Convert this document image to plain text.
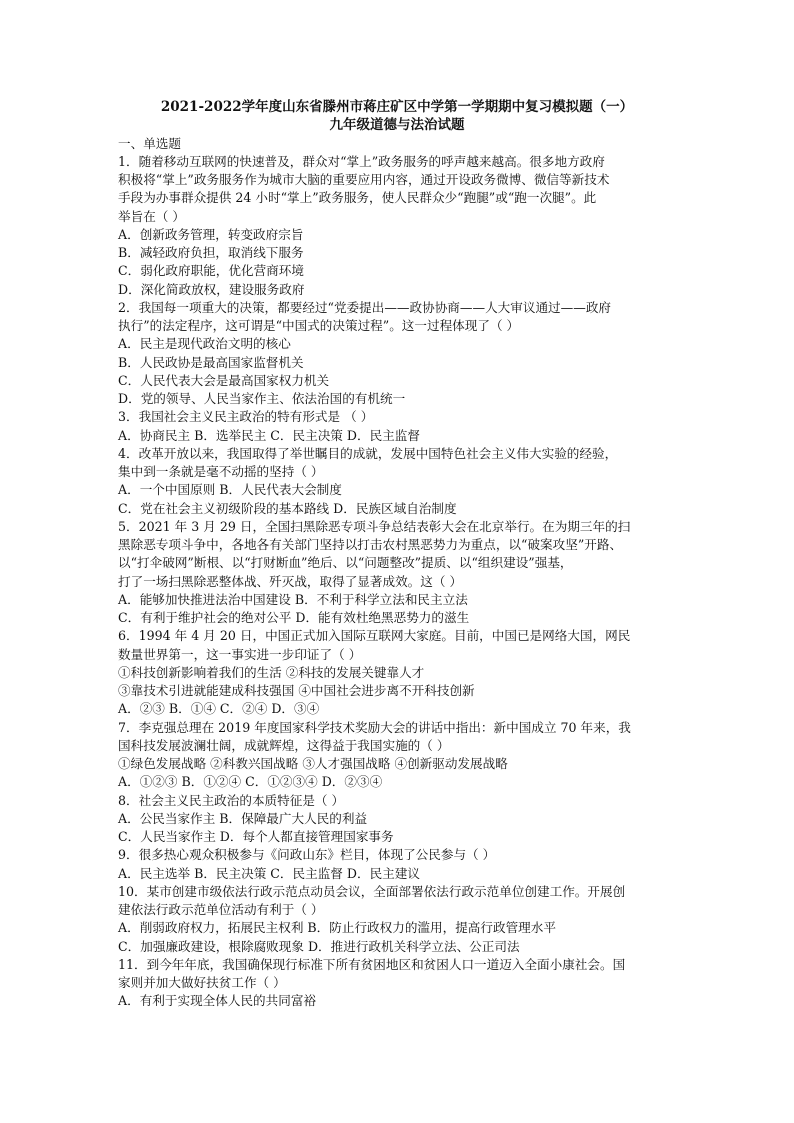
2021-2022学年度山东省滕州市蒋庄矿区中学第一学期期中复习模拟题（一）
九年级道德与法治试题
一、单选题
1．随着移动互联网的快速普及，群众对“掌上”政务服务的呼声越来越高。很多地方政府
积极将“掌上”政务服务作为城市大脑的重要应用内容，通过开设政务微博、微信等新技术
手段为办事群众提供 24 小时“掌上”政务服务，使人民群众少“跑腿”或“跑一次腿”。此
举旨在（ ）
A．创新政务管理，转变政府宗旨
B．减轻政府负担，取消线下服务
C．弱化政府职能，优化营商环境
D．深化简政放权，建设服务政府
2．我国每一项重大的决策，都要经过“党委提出——政协协商——人大审议通过——政府
执行”的法定程序，这可谓是“中国式的决策过程”。这一过程体现了（ ）
A．民主是现代政治文明的核心
B．人民政协是最高国家监督机关
C．人民代表大会是最高国家权力机关
D．党的领导、人民当家作主、依法治国的有机统一
3．我国社会主义民主政治的特有形式是 （ ）
A．协商民主 B．选举民主 C．民主决策 D．民主监督
4．改革开放以来，我国取得了举世瞩目的成就，发展中国特色社会主义伟大实验的经验，
集中到一条就是毫不动摇的坚持（ ）
A．一个中国原则 B．人民代表大会制度
C．党在社会主义初级阶段的基本路线 D．民族区域自治制度
5．2021 年 3 月 29 日，全国扫黑除恶专项斗争总结表彰大会在北京举行。在为期三年的扫
黑除恶专项斗争中，各地各有关部门坚持以打击农村黑恶势力为重点，以“破案攻坚”开路、
以“打伞破网”断根、以“打财断血”绝后、以“问题整改”提质、以“组织建设”强基，
打了一场扫黑除恶整体战、歼灭战，取得了显著成效。这（ ）
A．能够加快推进法治中国建设 B．不利于科学立法和民主立法
C．有利于维护社会的绝对公平 D．能有效杜绝黑恶势力的滋生
6．1994 年 4 月 20 日，中国正式加入国际互联网大家庭。目前，中国已是网络大国，网民
数量世界第一，这一事实进一步印证了（ ）
①科技创新影响着我们的生活 ②科技的发展关键靠人才
③靠技术引进就能建成科技强国 ④中国社会进步离不开科技创新
A．②③ B．①④ C．②④ D．③④
7．李克强总理在 2019 年度国家科学技术奖励大会的讲话中指出：新中国成立 70 年来，我
国科技发展波澜壮阔，成就辉煌，这得益于我国实施的（ ）
①绿色发展战略 ②科教兴国战略 ③人才强国战略 ④创新驱动发展战略
A．①②③ B．①②④ C．①②③④ D．②③④
8．社会主义民主政治的本质特征是（ ）
A．公民当家作主 B．保障最广大人民的利益
C．人民当家作主 D．每个人都直接管理国家事务
9．很多热心观众积极参与《问政山东》栏目，体现了公民参与（ ）
A．民主选举 B．民主决策 C．民主监督 D．民主建议
10．某市创建市级依法行政示范点动员会议，全面部署依法行政示范单位创建工作。开展创
建依法行政示范单位活动有利于（ ）
A．削弱政府权力，拓展民主权利 B．防止行政权力的滥用，提高行政管理水平
C．加强廉政建设，根除腐败现象 D．推进行政机关科学立法、公正司法
11．到今年年底，我国确保现行标准下所有贫困地区和贫困人口一道迈入全面小康社会。国
家则并加大做好扶贫工作（ ）
A．有利于实现全体人民的共同富裕
